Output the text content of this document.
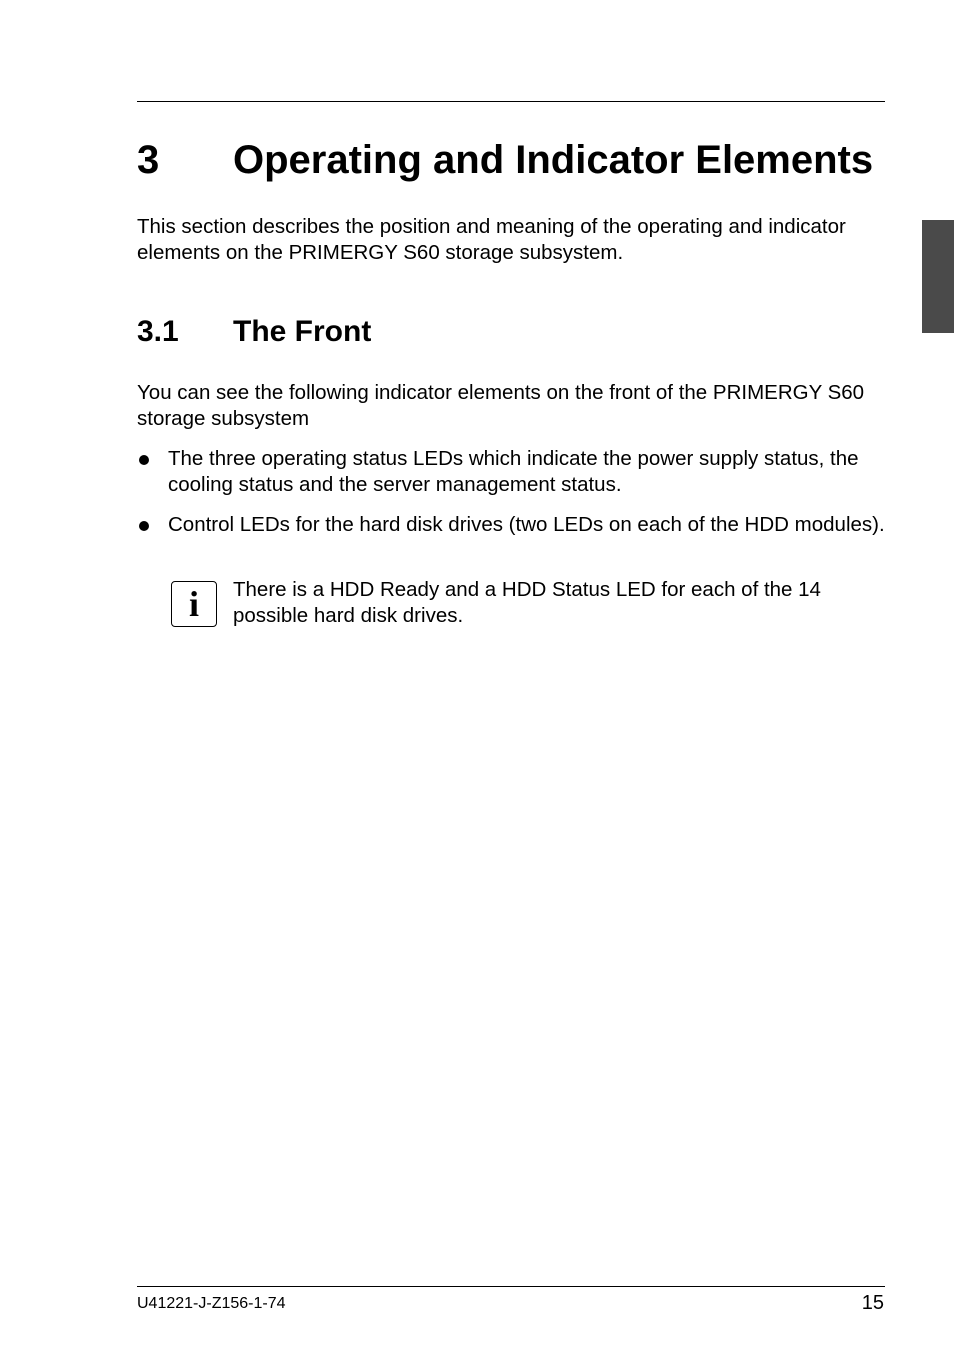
3 Operating and Indicator Elements
This section describes the position and meaning of the operating and indicator elements on the PRIMERGY S60 storage subsystem.
3.1 The Front
You can see the following indicator elements on the front of the PRIMERGY S60 storage subsystem
The three operating status LEDs which indicate the power supply status, the cooling status and the server management status.
Control LEDs for the hard disk drives (two LEDs on each of the HDD modules).
i	There is a HDD Ready and a HDD Status LED for each of the 14 possible hard disk drives.
U41221-J-Z156-1-74	15
